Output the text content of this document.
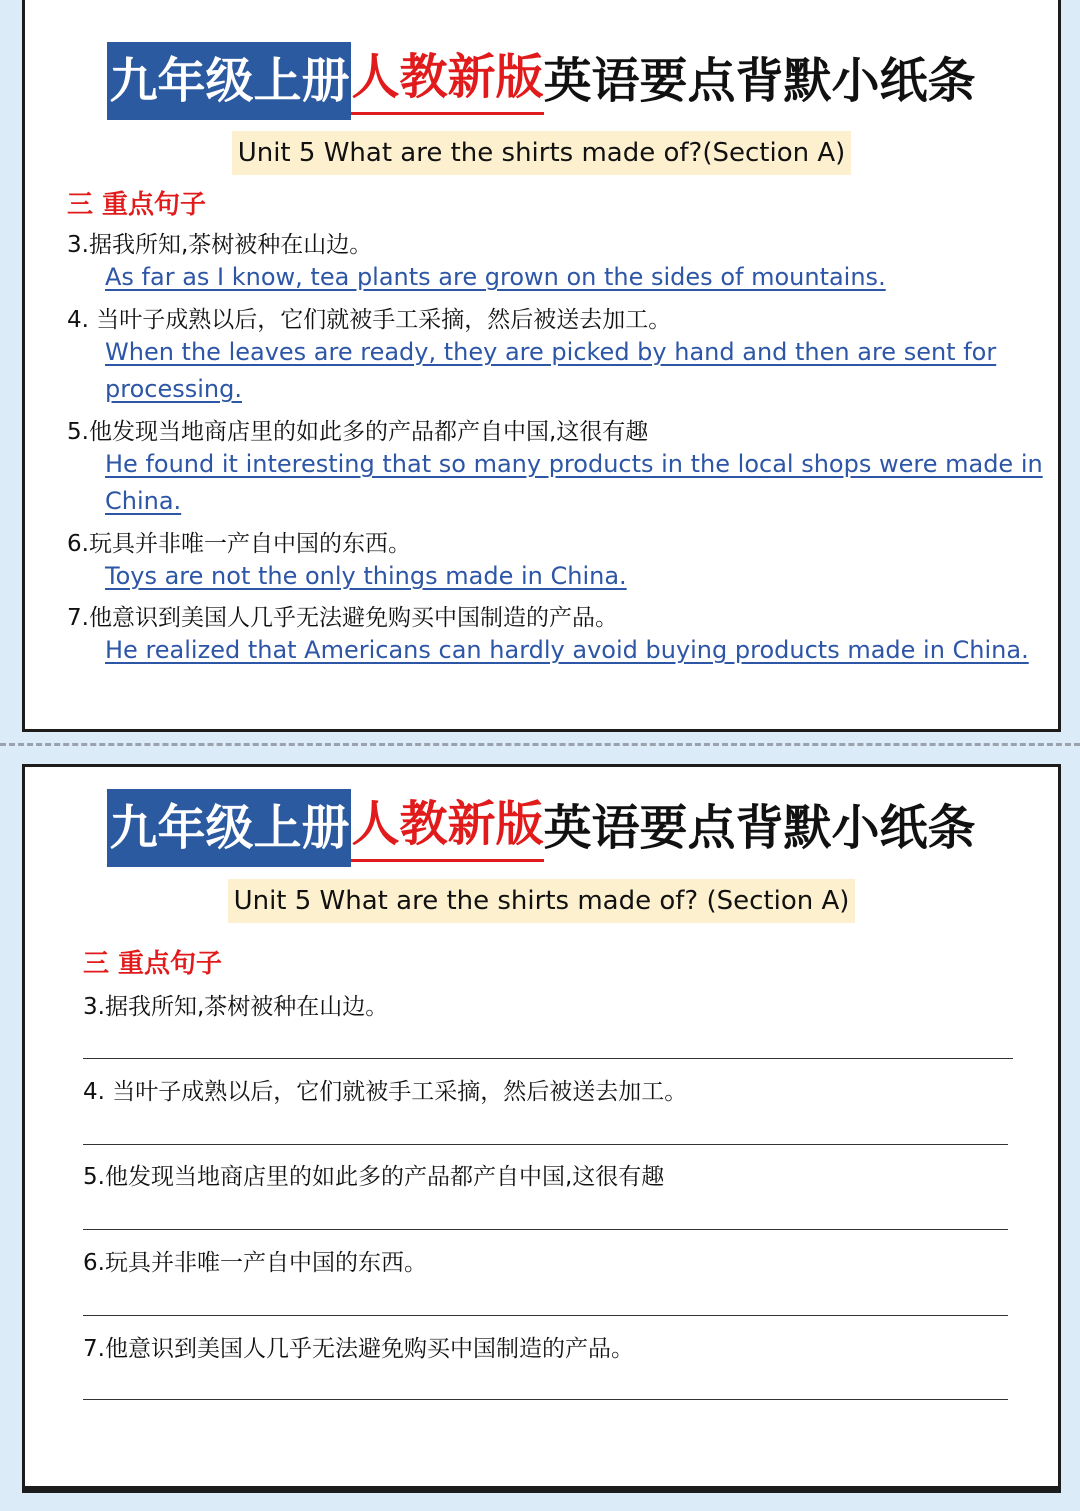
九年级上册人教新版英语要点背默小纸条
Unit 5 What are the shirts made of?(Section A)
三 重点句子
3.据我所知,茶树被种在山边。
As far as I know, tea plants are grown on the sides of mountains.
4. 当叶子成熟以后，它们就被手工采摘，然后被送去加工。
When the leaves are ready, they are picked by hand and then are sent for
processing.
5.他发现当地商店里的如此多的产品都产自中国,这很有趣
He found it interesting that so many products in the local shops were made in
China.
6.玩具并非唯一产自中国的东西。
Toys are not the only things made in China.
7.他意识到美国人几乎无法避免购买中国制造的产品。
He realized that Americans can hardly avoid buying products made in China.
九年级上册人教新版英语要点背默小纸条
Unit 5 What are the shirts made of? (Section A)
三 重点句子
3.据我所知,茶树被种在山边。
4. 当叶子成熟以后，它们就被手工采摘，然后被送去加工。
5.他发现当地商店里的如此多的产品都产自中国,这很有趣
6.玩具并非唯一产自中国的东西。
7.他意识到美国人几乎无法避免购买中国制造的产品。
